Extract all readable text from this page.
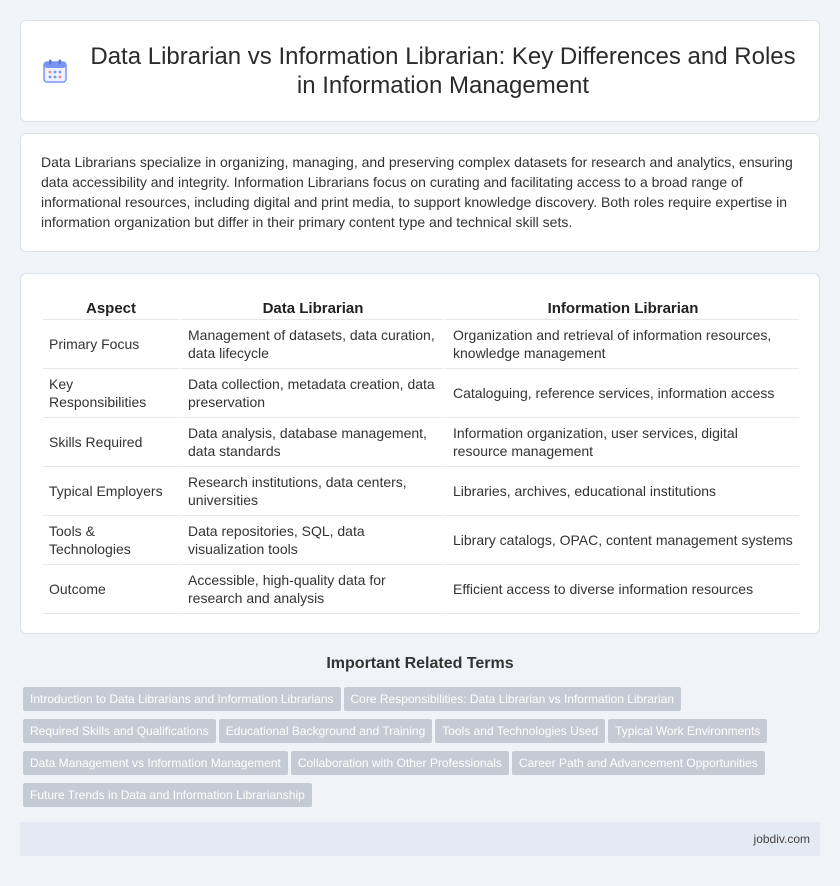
Data Librarian vs Information Librarian: Key Differences and Roles in Information Management

Data Librarians specialize in organizing, managing, and preserving complex datasets for research and analytics, ensuring data accessibility and integrity. Information Librarians focus on curating and facilitating access to a broad range of informational resources, including digital and print media, to support knowledge discovery. Both roles require expertise in information organization but differ in their primary content type and technical skill sets.

Aspect	Data Librarian	Information Librarian
Primary Focus	Management of datasets, data curation, data lifecycle	Organization and retrieval of information resources, knowledge management
Key Responsibilities	Data collection, metadata creation, data preservation	Cataloguing, reference services, information access
Skills Required	Data analysis, database management, data standards	Information organization, user services, digital resource management
Typical Employers	Research institutions, data centers, universities	Libraries, archives, educational institutions
Tools & Technologies	Data repositories, SQL, data visualization tools	Library catalogs, OPAC, content management systems
Outcome	Accessible, high-quality data for research and analysis	Efficient access to diverse information resources
Important Related Terms
Introduction to Data Librarians and Information Librarians Core Responsibilities: Data Librarian vs Information Librarian
Required Skills and Qualifications Educational Background and Training Tools and Technologies Used Typical Work Environments
Data Management vs Information Management Collaboration with Other Professionals Career Path and Advancement Opportunities
Future Trends in Data and Information Librarianship
jobdiv.com
